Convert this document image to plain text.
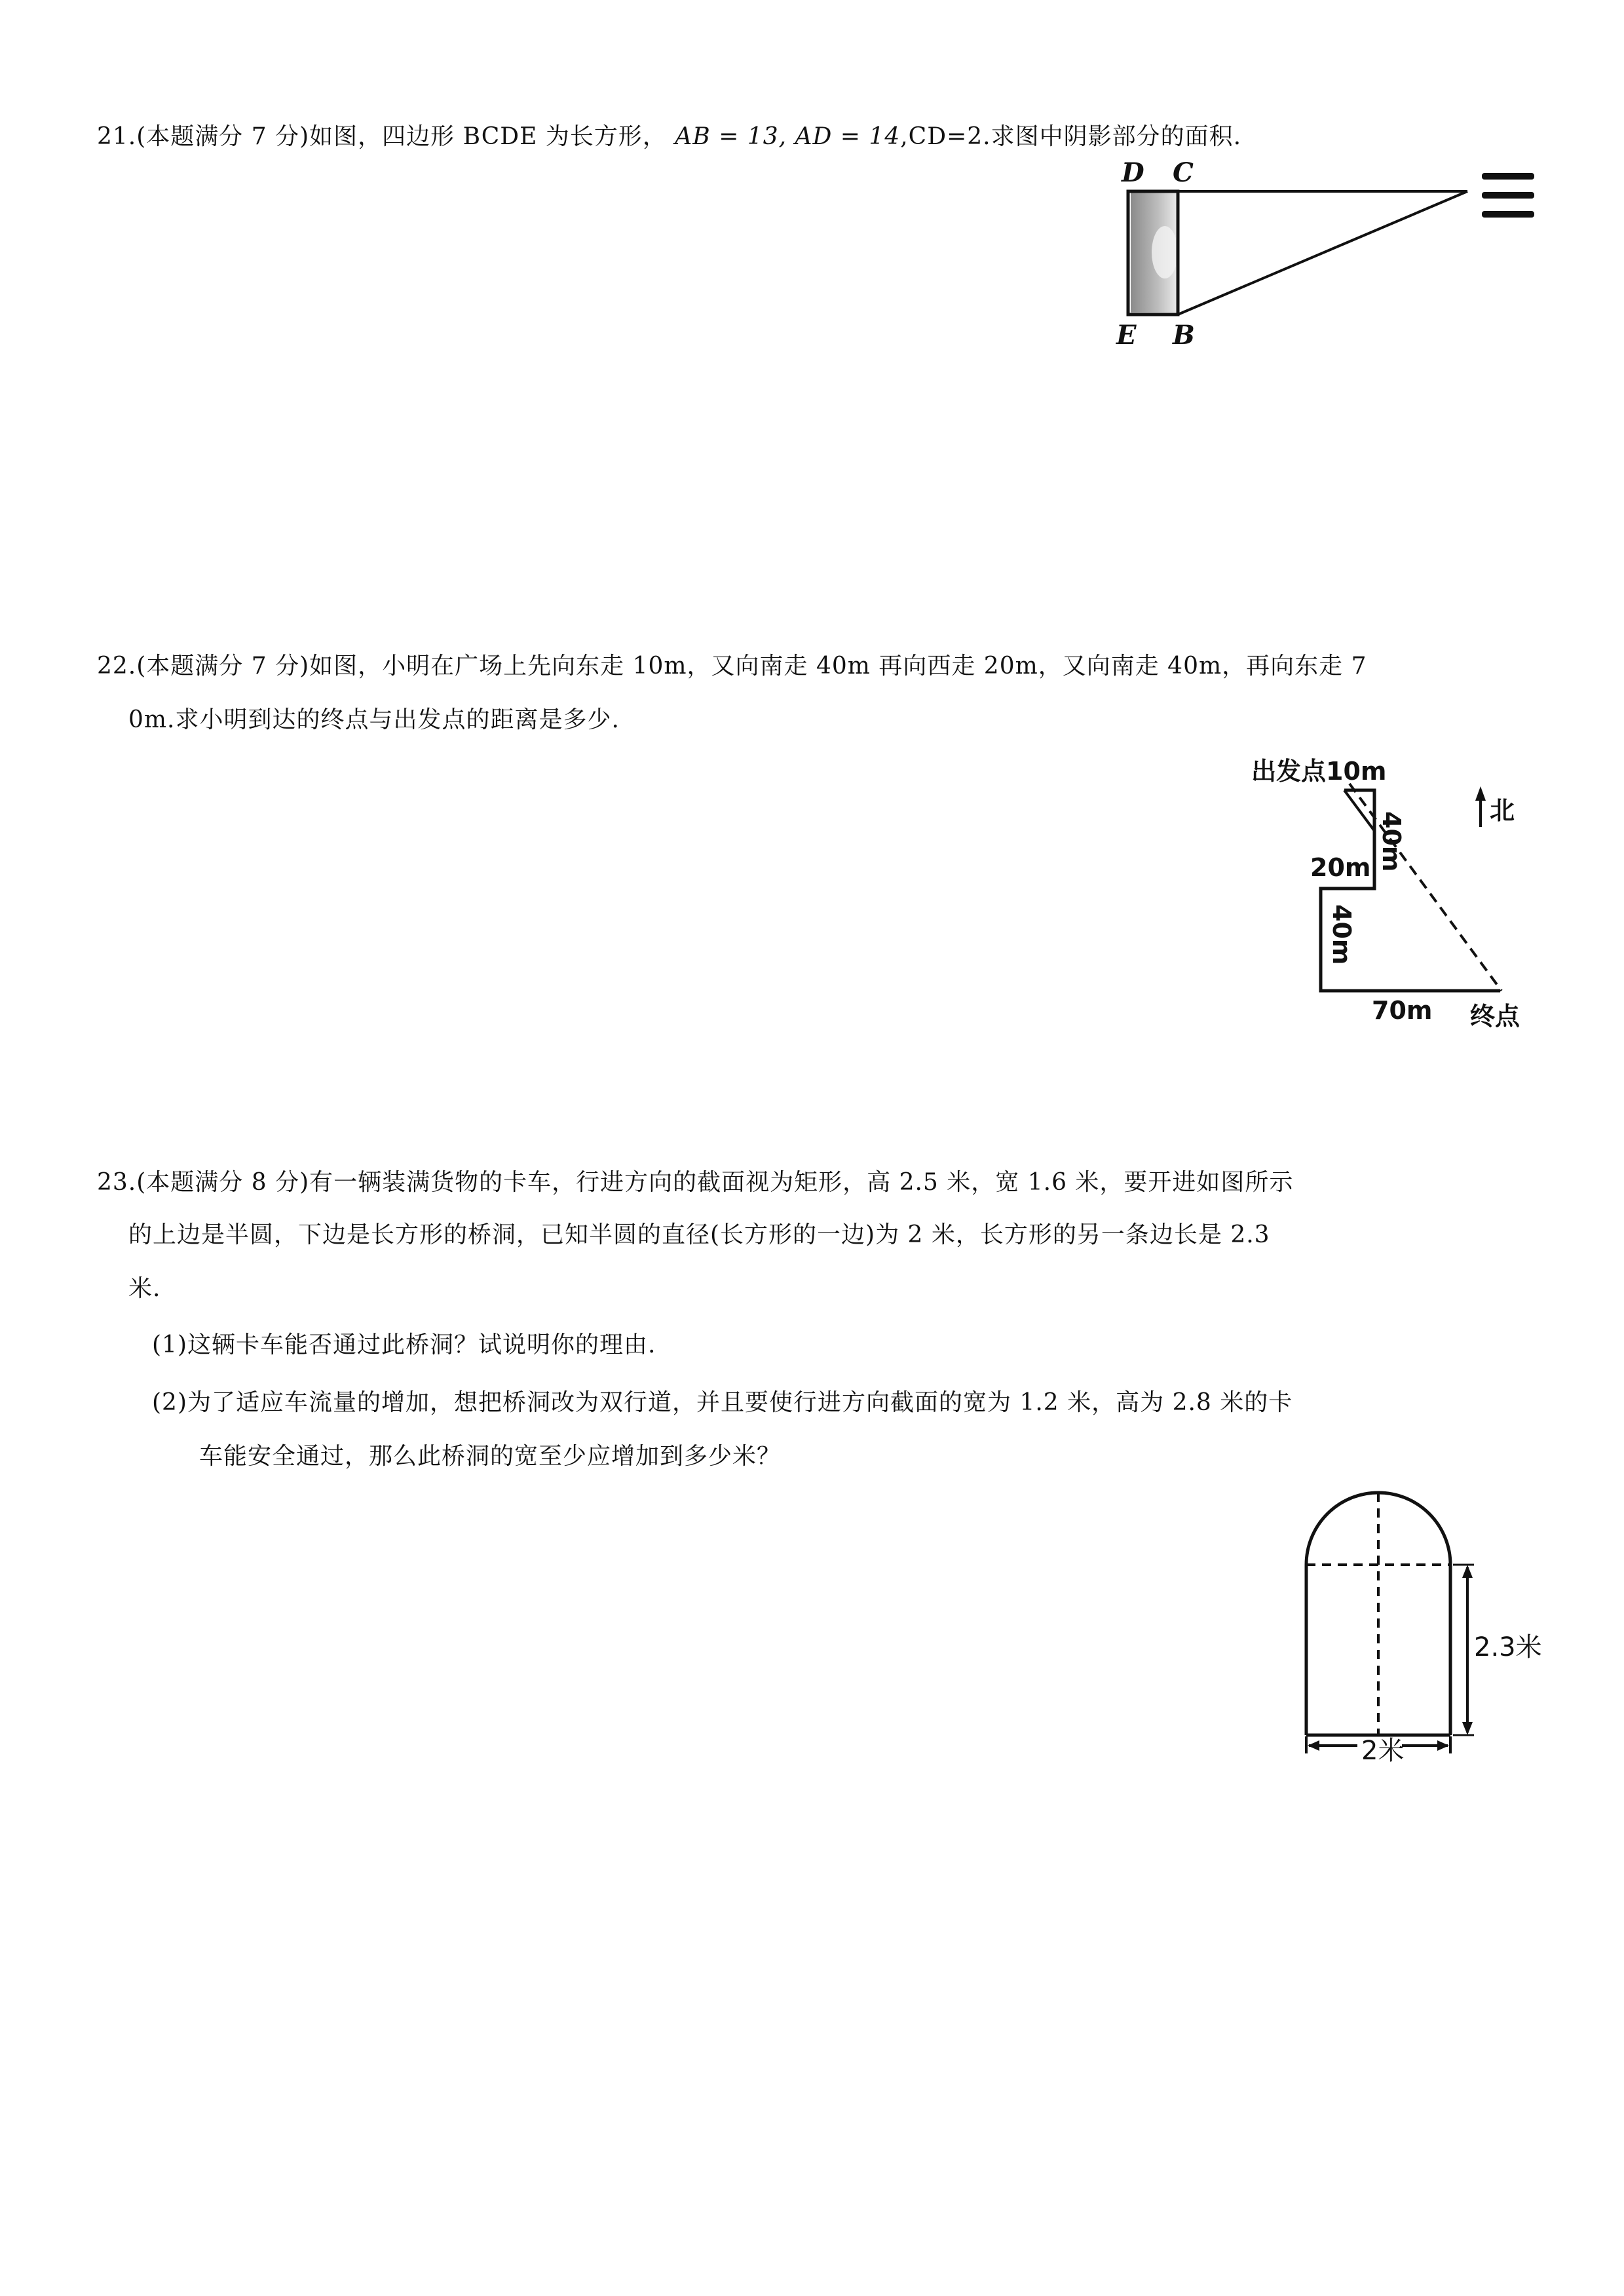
21.(本题满分 7 分)如图，四边形 BCDE 为长方形， AB = 13, AD = 14,CD=2.求图中阴影部分的面积.
D C
E B
22.(本题满分 7 分)如图，小明在广场上先向东走 10m，又向南走 40m 再向西走 20m，又向南走 40m，再向东走 7
0m.求小明到达的终点与出发点的距离是多少.
出发点10m
北
40m
20m
40m
70m 终点
23.(本题满分 8 分)有一辆装满货物的卡车，行进方向的截面视为矩形，高 2.5 米，宽 1.6 米，要开进如图所示
的上边是半圆，下边是长方形的桥洞，已知半圆的直径(长方形的一边)为 2 米，长方形的另一条边长是 2.3
米.
(1)这辆卡车能否通过此桥洞？试说明你的理由.
(2)为了适应车流量的增加，想把桥洞改为双行道，并且要使行进方向截面的宽为 1.2 米，高为 2.8 米的卡
车能安全通过，那么此桥洞的宽至少应增加到多少米？
2.3米
2米
